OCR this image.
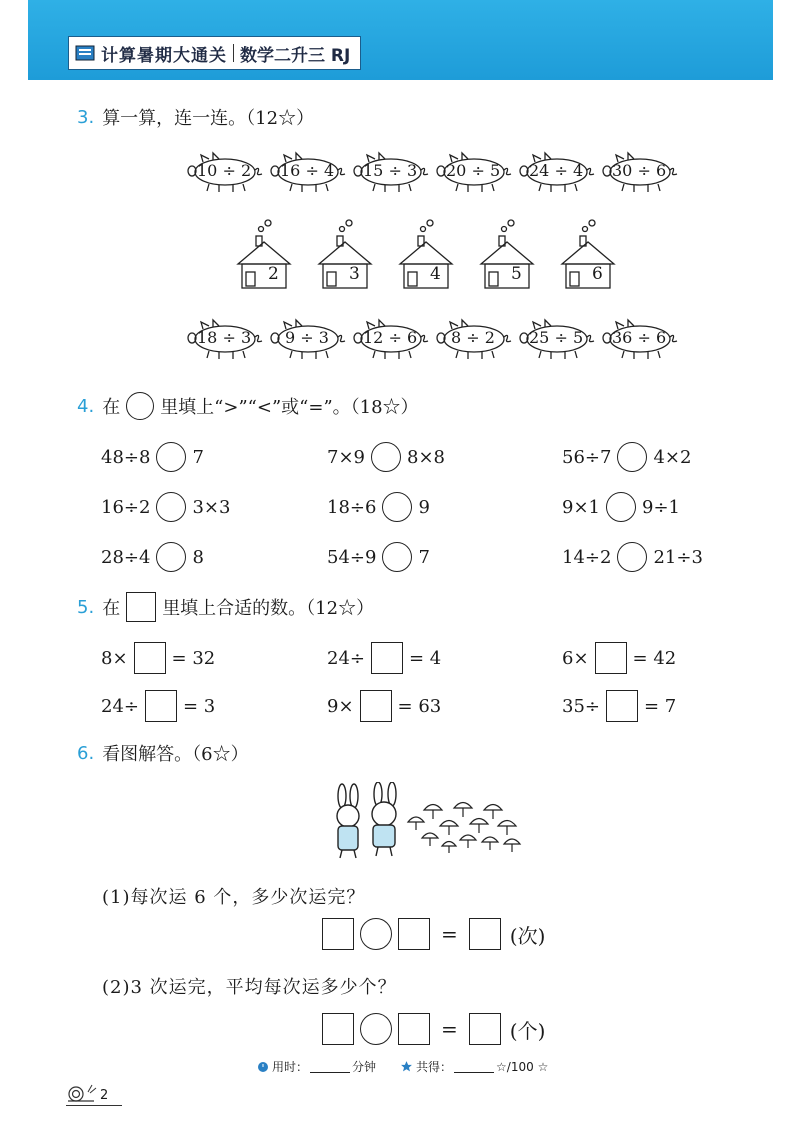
计算暑期大通关 数学二升三 RJ
3. 算一算，连一连。（12☆）
10 ÷ 2 16 ÷ 4 15 ÷ 3 20 ÷ 5 24 ÷ 4 30 ÷ 6
2	3	4	5	6
18 ÷ 3	9 ÷ 3	12 ÷ 6	8 ÷ 2	25 ÷ 5 36 ÷ 6
4. 在 里填上“>”“<”或“=”。（18☆）
48÷8 7	7×9 8×8	56÷7 4×2
16÷2 3×3	18÷6 9	9×1 9÷1
28÷4 8	54÷9 7	14÷2 21÷3
5. 在 里填上合适的数。（12☆）
8× = 32	24÷ = 4	6× = 42
24÷ = 3	9× = 63	35÷ = 7
6. 看图解答。（6☆）
(1)每次运 6 个，多少次运完？
=	(次)
(2)3 次运完，平均每次运多少个？
=	(个)
用时：	分钟	共得：	☆/100 ☆
2
